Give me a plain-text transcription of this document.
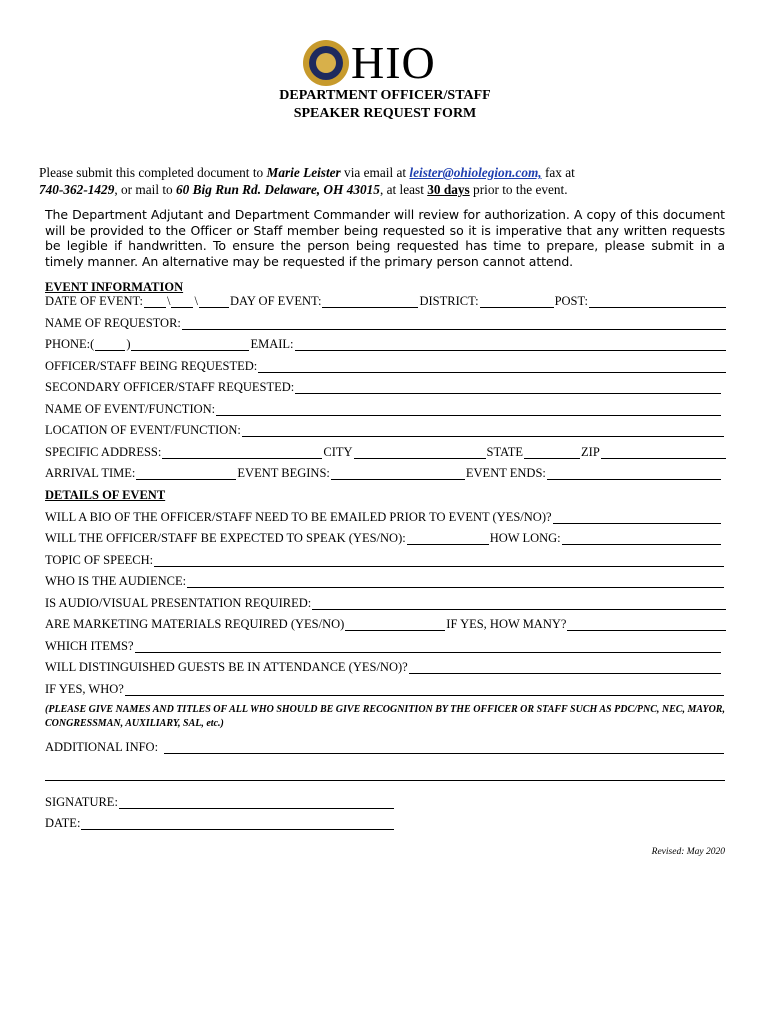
HIO
DEPARTMENT OFFICER/STAFF
SPEAKER REQUEST FORM
Please submit this completed document to Marie Leister via email at leister@ohiolegion.com, fax at
740-362-1429, or mail to 60 Big Run Rd. Delaware, OH 43015, at least 30 days prior to the event.
The Department Adjutant and Department Commander will review for authorization. A copy of this document will be provided to the Officer or Staff member being requested so it is imperative that any written requests be legible if handwritten. To ensure the person being requested has time to prepare, please submit in a timely manner. An alternative may be requested if the primary person cannot attend.
EVENT INFORMATION
DATE OF EVENT: \ \	DAY OF EVENT:	DISTRICT:	POST:
NAME OF REQUESTOR:
PHONE:(	)	EMAIL:
OFFICER/STAFF BEING REQUESTED:
SECONDARY OFFICER/STAFF REQUESTED:
NAME OF EVENT/FUNCTION:
LOCATION OF EVENT/FUNCTION:
SPECIFIC ADDRESS:	CITY	STATE	ZIP
ARRIVAL TIME:	EVENT BEGINS:	EVENT ENDS:
DETAILS OF EVENT
WILL A BIO OF THE OFFICER/STAFF NEED TO BE EMAILED PRIOR TO EVENT (YES/NO)?
WILL THE OFFICER/STAFF BE EXPECTED TO SPEAK (YES/NO):	HOW LONG:
TOPIC OF SPEECH:
WHO IS THE AUDIENCE:
IS AUDIO/VISUAL PRESENTATION REQUIRED:
ARE MARKETING MATERIALS REQUIRED (YES/NO)	IF YES, HOW MANY?
WHICH ITEMS?
WILL DISTINGUISHED GUESTS BE IN ATTENDANCE (YES/NO)?
IF YES, WHO?
(PLEASE GIVE NAMES AND TITLES OF ALL WHO SHOULD BE GIVE RECOGNITION BY THE OFFICER OR STAFF SUCH AS PDC/PNC, NEC, MAYOR, CONGRESSMAN, AUXILIARY, SAL, etc.)
ADDITIONAL INFO:
SIGNATURE:
DATE:
Revised: May 2020
